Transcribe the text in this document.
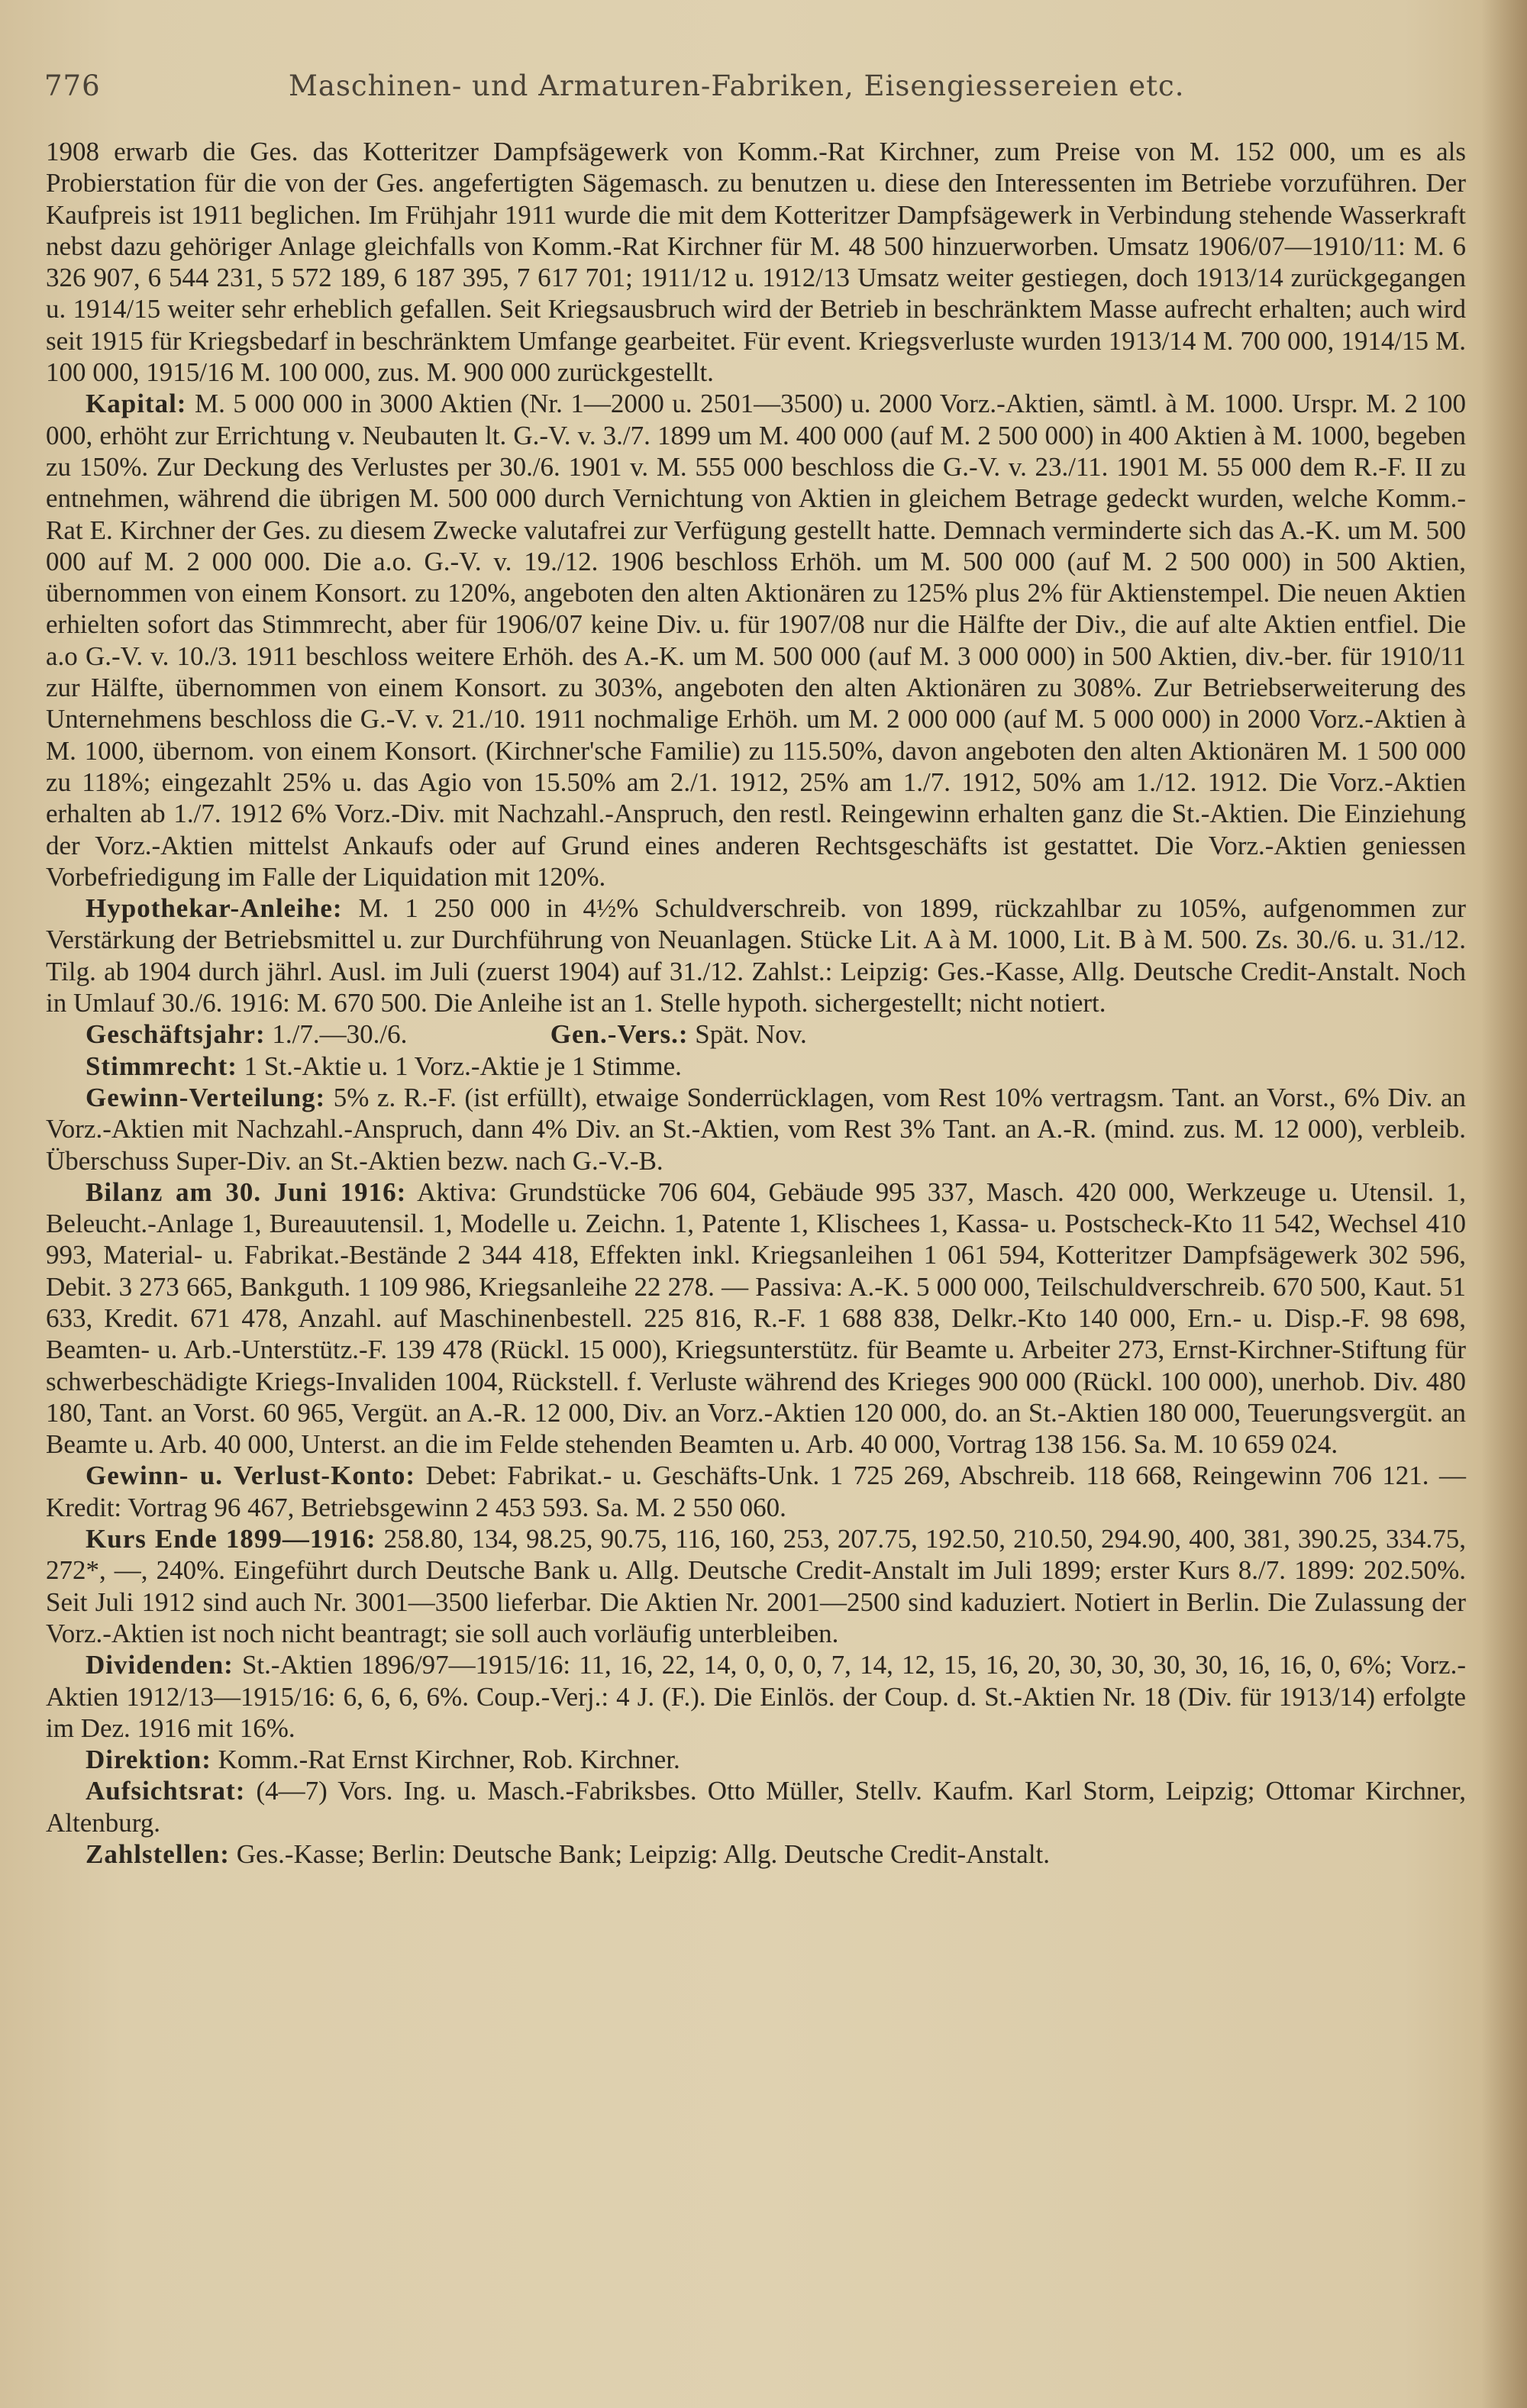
776	Maschinen- und Armaturen-Fabriken, Eisengiessereien etc.

1908 erwarb die Ges. das Kotteritzer Dampfsägewerk von Komm.-Rat Kirchner, zum Preise von M. 152 000, um es als Probierstation für die von der Ges. angefertigten Sägemasch. zu benutzen u. diese den Interessenten im Betriebe vorzuführen. Der Kaufpreis ist 1911 beglichen. Im Frühjahr 1911 wurde die mit dem Kotteritzer Dampfsägewerk in Verbindung stehende Wasserkraft nebst dazu gehöriger Anlage gleichfalls von Komm.-Rat Kirchner für M. 48 500 hinzuerworben. Umsatz 1906/07—1910/11: M. 6 326 907, 6 544 231, 5 572 189, 6 187 395, 7 617 701; 1911/12 u. 1912/13 Umsatz weiter gestiegen, doch 1913/14 zurückgegangen u. 1914/15 weiter sehr erheblich gefallen. Seit Kriegsausbruch wird der Betrieb in beschränktem Masse aufrecht erhalten; auch wird seit 1915 für Kriegsbedarf in beschränktem Umfange gearbeitet. Für event. Kriegsverluste wurden 1913/14 M. 700 000, 1914/15 M. 100 000, 1915/16 M. 100 000, zus. M. 900 000 zurückgestellt.

Kapital: M. 5 000 000 in 3000 Aktien (Nr. 1—2000 u. 2501—3500) u. 2000 Vorz.-Aktien, sämtl. à M. 1000. Urspr. M. 2 100 000, erhöht zur Errichtung v. Neubauten lt. G.-V. v. 3./7. 1899 um M. 400 000 (auf M. 2 500 000) in 400 Aktien à M. 1000, begeben zu 150%. Zur Deckung des Verlustes per 30./6. 1901 v. M. 555 000 beschloss die G.-V. v. 23./11. 1901 M. 55 000 dem R.-F. II zu entnehmen, während die übrigen M. 500 000 durch Vernichtung von Aktien in gleichem Betrage gedeckt wurden, welche Komm.-Rat E. Kirchner der Ges. zu diesem Zwecke valutafrei zur Verfügung gestellt hatte. Demnach verminderte sich das A.-K. um M. 500 000 auf M. 2 000 000. Die a.o. G.-V. v. 19./12. 1906 beschloss Erhöh. um M. 500 000 (auf M. 2 500 000) in 500 Aktien, übernommen von einem Konsort. zu 120%, angeboten den alten Aktionären zu 125% plus 2% für Aktienstempel. Die neuen Aktien erhielten sofort das Stimmrecht, aber für 1906/07 keine Div. u. für 1907/08 nur die Hälfte der Div., die auf alte Aktien entfiel. Die a.o G.-V. v. 10./3. 1911 beschloss weitere Erhöh. des A.-K. um M. 500 000 (auf M. 3 000 000) in 500 Aktien, div.-ber. für 1910/11 zur Hälfte, übernommen von einem Konsort. zu 303%, angeboten den alten Aktionären zu 308%. Zur Betriebserweiterung des Unternehmens beschloss die G.-V. v. 21./10. 1911 nochmalige Erhöh. um M. 2 000 000 (auf M. 5 000 000) in 2000 Vorz.-Aktien à M. 1000, übernom. von einem Konsort. (Kirchner'sche Familie) zu 115.50%, davon angeboten den alten Aktionären M. 1 500 000 zu 118%; eingezahlt 25% u. das Agio von 15.50% am 2./1. 1912, 25% am 1./7. 1912, 50% am 1./12. 1912. Die Vorz.-Aktien erhalten ab 1./7. 1912 6% Vorz.-Div. mit Nachzahl.-Anspruch, den restl. Reingewinn erhalten ganz die St.-Aktien. Die Einziehung der Vorz.-Aktien mittelst Ankaufs oder auf Grund eines anderen Rechtsgeschäfts ist gestattet. Die Vorz.-Aktien geniessen Vorbefriedigung im Falle der Liquidation mit 120%.

Hypothekar-Anleihe: M. 1 250 000 in 4½% Schuldverschreib. von 1899, rückzahlbar zu 105%, aufgenommen zur Verstärkung der Betriebsmittel u. zur Durchführung von Neuanlagen. Stücke Lit. A à M. 1000, Lit. B à M. 500. Zs. 30./6. u. 31./12. Tilg. ab 1904 durch jährl. Ausl. im Juli (zuerst 1904) auf 31./12. Zahlst.: Leipzig: Ges.-Kasse, Allg. Deutsche Credit-Anstalt. Noch in Umlauf 30./6. 1916: M. 670 500. Die Anleihe ist an 1. Stelle hypoth. sichergestellt; nicht notiert.

Geschäftsjahr: 1./7.—30./6.	Gen.-Vers.: Spät. Nov.

Stimmrecht: 1 St.-Aktie u. 1 Vorz.-Aktie je 1 Stimme.

Gewinn-Verteilung: 5% z. R.-F. (ist erfüllt), etwaige Sonderrücklagen, vom Rest 10% vertragsm. Tant. an Vorst., 6% Div. an Vorz.-Aktien mit Nachzahl.-Anspruch, dann 4% Div. an St.-Aktien, vom Rest 3% Tant. an A.-R. (mind. zus. M. 12 000), verbleib. Überschuss Super-Div. an St.-Aktien bezw. nach G.-V.-B.

Bilanz am 30. Juni 1916: Aktiva: Grundstücke 706 604, Gebäude 995 337, Masch. 420 000, Werkzeuge u. Utensil. 1, Beleucht.-Anlage 1, Bureauutensil. 1, Modelle u. Zeichn. 1, Patente 1, Klischees 1, Kassa- u. Postscheck-Kto 11 542, Wechsel 410 993, Material- u. Fabrikat.-Bestände 2 344 418, Effekten inkl. Kriegsanleihen 1 061 594, Kotteritzer Dampfsägewerk 302 596, Debit. 3 273 665, Bankguth. 1 109 986, Kriegsanleihe 22 278. — Passiva: A.-K. 5 000 000, Teilschuldverschreib. 670 500, Kaut. 51 633, Kredit. 671 478, Anzahl. auf Maschinenbestell. 225 816, R.-F. 1 688 838, Delkr.-Kto 140 000, Ern.- u. Disp.-F. 98 698, Beamten- u. Arb.-Unterstütz.-F. 139 478 (Rückl. 15 000), Kriegsunterstütz. für Beamte u. Arbeiter 273, Ernst-Kirchner-Stiftung für schwerbeschädigte Kriegs-Invaliden 1004, Rückstell. f. Verluste während des Krieges 900 000 (Rückl. 100 000), unerhob. Div. 480 180, Tant. an Vorst. 60 965, Vergüt. an A.-R. 12 000, Div. an Vorz.-Aktien 120 000, do. an St.-Aktien 180 000, Teuerungsvergüt. an Beamte u. Arb. 40 000, Unterst. an die im Felde stehenden Beamten u. Arb. 40 000, Vortrag 138 156. Sa. M. 10 659 024.

Gewinn- u. Verlust-Konto: Debet: Fabrikat.- u. Geschäfts-Unk. 1 725 269, Abschreib. 118 668, Reingewinn 706 121. — Kredit: Vortrag 96 467, Betriebsgewinn 2 453 593. Sa. M. 2 550 060.

Kurs Ende 1899—1916: 258.80, 134, 98.25, 90.75, 116, 160, 253, 207.75, 192.50, 210.50, 294.90, 400, 381, 390.25, 334.75, 272*, —, 240%. Eingeführt durch Deutsche Bank u. Allg. Deutsche Credit-Anstalt im Juli 1899; erster Kurs 8./7. 1899: 202.50%. Seit Juli 1912 sind auch Nr. 3001—3500 lieferbar. Die Aktien Nr. 2001—2500 sind kaduziert. Notiert in Berlin. Die Zulassung der Vorz.-Aktien ist noch nicht beantragt; sie soll auch vorläufig unterbleiben.

Dividenden: St.-Aktien 1896/97—1915/16: 11, 16, 22, 14, 0, 0, 0, 7, 14, 12, 15, 16, 20, 30, 30, 30, 30, 16, 16, 0, 6%; Vorz.-Aktien 1912/13—1915/16: 6, 6, 6, 6%. Coup.-Verj.: 4 J. (F.). Die Einlös. der Coup. d. St.-Aktien Nr. 18 (Div. für 1913/14) erfolgte im Dez. 1916 mit 16%.

Direktion: Komm.-Rat Ernst Kirchner, Rob. Kirchner.

Aufsichtsrat: (4—7) Vors. Ing. u. Masch.-Fabriksbes. Otto Müller, Stellv. Kaufm. Karl Storm, Leipzig; Ottomar Kirchner, Altenburg.

Zahlstellen: Ges.-Kasse; Berlin: Deutsche Bank; Leipzig: Allg. Deutsche Credit-Anstalt.
